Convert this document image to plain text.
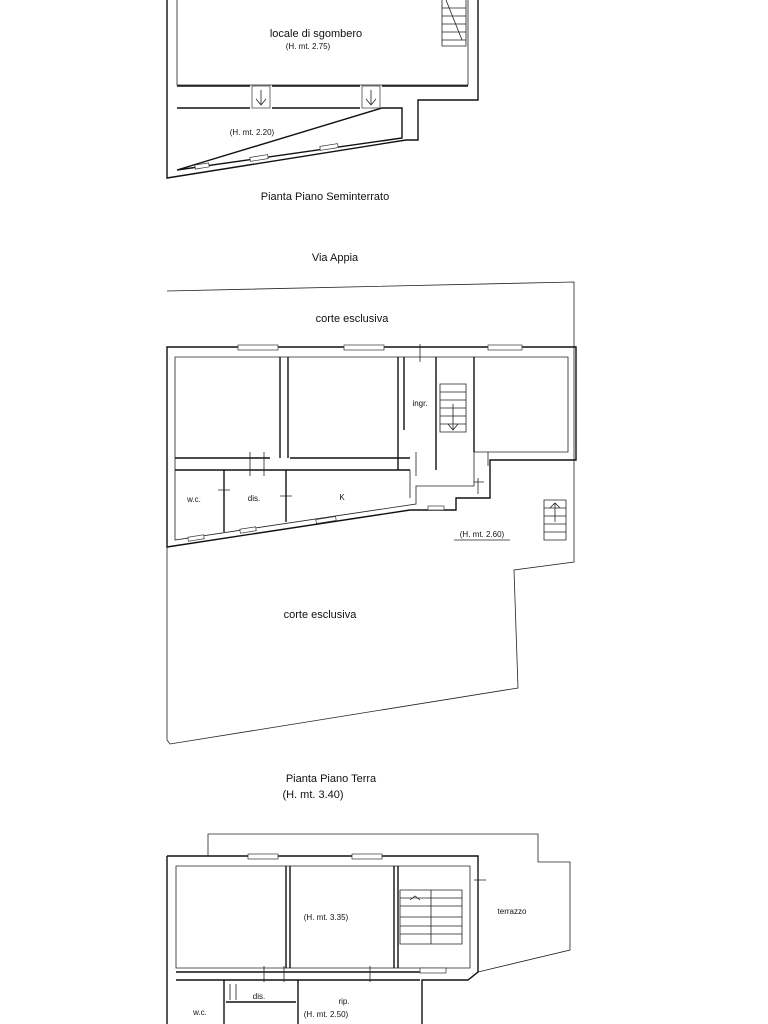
locale di sgombero
(H. mt. 2.75)
(H. mt. 2.20)
Pianta Piano Seminterrato
Via Appia
corte esclusiva
ingr.
w.c.	dis.	K
(H. mt. 2.60)
corte esclusiva
Pianta Piano Terra
(H. mt. 3.40)
(H. mt. 3.35)
terrazzo
dis.
w.c.
rip.
(H. mt. 2.50)
